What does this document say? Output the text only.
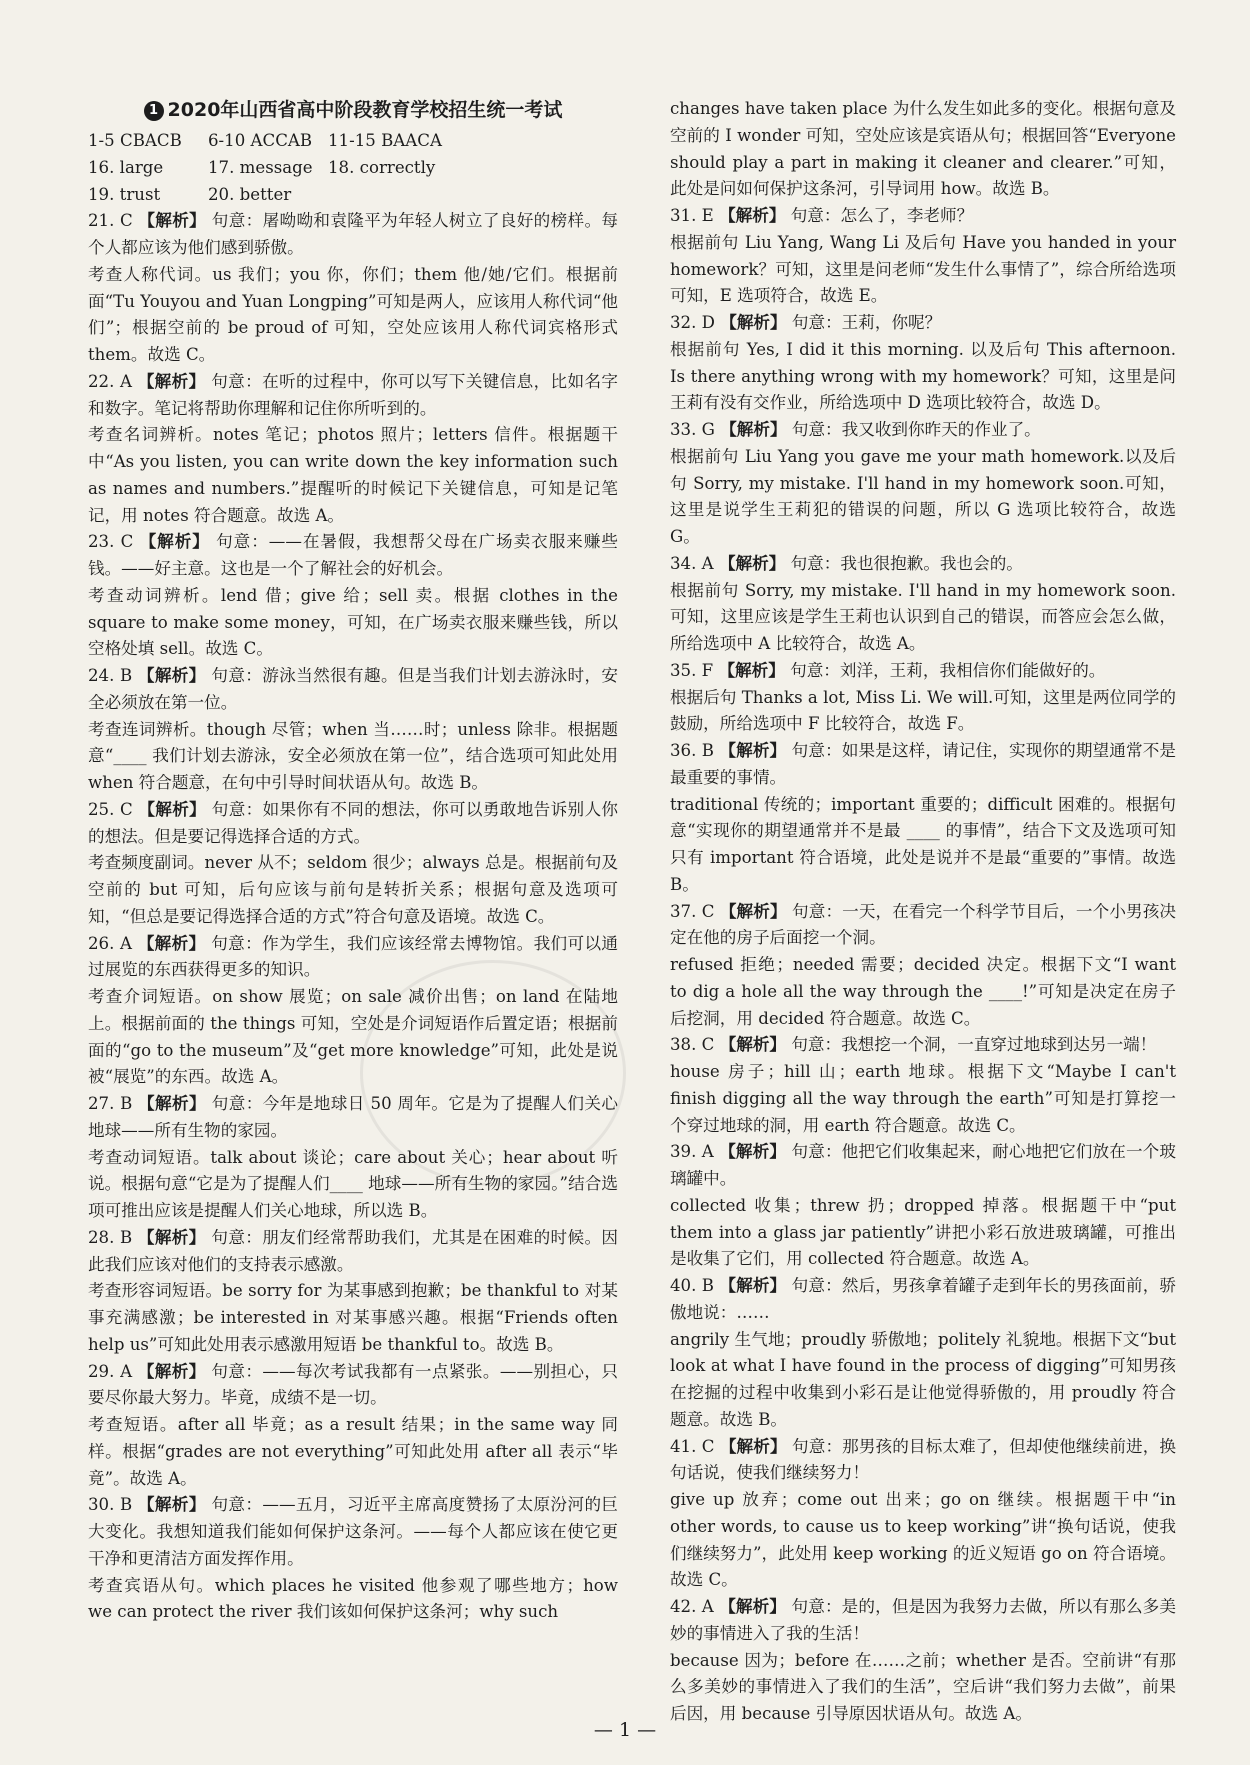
1 2020年山西省高中阶段教育学校招生统一考试
1-5 CBACB	6-10 ACCAB 11-15 BAACA
16. large	17. message 18. correctly
19. trust	20. better

21. C 【解析】 句意：屠呦呦和袁隆平为年轻人树立了良好的榜样。每个人都应该为他们感到骄傲。

考查人称代词。us 我们；you 你，你们；them 他/她/它们。根据前面“Tu Youyou and Yuan Longping”可知是两人，应该用人称代词“他们”；根据空前的 be proud of 可知，空处应该用人称代词宾格形式 them。故选 C。

22. A 【解析】 句意：在听的过程中，你可以写下关键信息，比如名字和数字。笔记将帮助你理解和记住你所听到的。

考查名词辨析。notes 笔记；photos 照片；letters 信件。根据题干中“As you listen, you can write down the key information such as names and numbers.”提醒听的时候记下关键信息，可知是记笔记，用 notes 符合题意。故选 A。

23. C 【解析】 句意：——在暑假，我想帮父母在广场卖衣服来赚些钱。——好主意。这也是一个了解社会的好机会。

考查动词辨析。lend 借；give 给；sell 卖。根据 clothes in the square to make some money，可知，在广场卖衣服来赚些钱，所以空格处填 sell。故选 C。

24. B 【解析】 句意：游泳当然很有趣。但是当我们计划去游泳时，安全必须放在第一位。

考查连词辨析。though 尽管；when 当……时；unless 除非。根据题意“____ 我们计划去游泳，安全必须放在第一位”，结合选项可知此处用 when 符合题意，在句中引导时间状语从句。故选 B。

25. C 【解析】 句意：如果你有不同的想法，你可以勇敢地告诉别人你的想法。但是要记得选择合适的方式。

考查频度副词。never 从不；seldom 很少；always 总是。根据前句及空前的 but 可知，后句应该与前句是转折关系；根据句意及选项可知，“但总是要记得选择合适的方式”符合句意及语境。故选 C。

26. A 【解析】 句意：作为学生，我们应该经常去博物馆。我们可以通过展览的东西获得更多的知识。

考查介词短语。on show 展览；on sale 减价出售；on land 在陆地上。根据前面的 the things 可知，空处是介词短语作后置定语；根据前面的“go to the museum”及“get more knowledge”可知，此处是说被“展览”的东西。故选 A。

27. B 【解析】 句意：今年是地球日 50 周年。它是为了提醒人们关心地球——所有生物的家园。

考查动词短语。talk about 谈论；care about 关心；hear about 听说。根据句意“它是为了提醒人们____ 地球——所有生物的家园。”结合选项可推出应该是提醒人们关心地球，所以选 B。

28. B 【解析】 句意：朋友们经常帮助我们，尤其是在困难的时候。因此我们应该对他们的支持表示感激。

考查形容词短语。be sorry for 为某事感到抱歉；be thankful to 对某事充满感激；be interested in 对某事感兴趣。根据“Friends often help us”可知此处用表示感激用短语 be thankful to。故选 B。

29. A 【解析】 句意：——每次考试我都有一点紧张。——别担心，只要尽你最大努力。毕竟，成绩不是一切。

考查短语。after all 毕竟；as a result 结果；in the same way 同样。根据“grades are not everything”可知此处用 after all 表示“毕竟”。故选 A。

30. B 【解析】 句意：——五月，习近平主席高度赞扬了太原汾河的巨大变化。我想知道我们能如何保护这条河。——每个人都应该在使它更干净和更清洁方面发挥作用。

考查宾语从句。which places he visited 他参观了哪些地方；how we can protect the river 我们该如何保护这条河；why such

changes have taken place 为什么发生如此多的变化。根据句意及空前的 I wonder 可知，空处应该是宾语从句；根据回答“Everyone should play a part in making it cleaner and clearer.”可知，此处是问如何保护这条河，引导词用 how。故选 B。

31. E 【解析】 句意：怎么了，李老师？

根据前句 Liu Yang, Wang Li 及后句 Have you handed in your homework？可知，这里是问老师“发生什么事情了”，综合所给选项可知，E 选项符合，故选 E。

32. D 【解析】 句意：王莉，你呢？

根据前句 Yes, I did it this morning. 以及后句 This afternoon. Is there anything wrong with my homework？可知，这里是问王莉有没有交作业，所给选项中 D 选项比较符合，故选 D。

33. G 【解析】 句意：我又收到你昨天的作业了。

根据前句 Liu Yang you gave me your math homework.以及后句 Sorry, my mistake. I'll hand in my homework soon.可知，这里是说学生王莉犯的错误的问题，所以 G 选项比较符合，故选 G。

34. A 【解析】 句意：我也很抱歉。我也会的。

根据前句 Sorry, my mistake. I'll hand in my homework soon.可知，这里应该是学生王莉也认识到自己的错误，而答应会怎么做，所给选项中 A 比较符合，故选 A。

35. F 【解析】 句意：刘洋，王莉，我相信你们能做好的。

根据后句 Thanks a lot, Miss Li. We will.可知，这里是两位同学的鼓励，所给选项中 F 比较符合，故选 F。

36. B 【解析】 句意：如果是这样，请记住，实现你的期望通常不是最重要的事情。

traditional 传统的；important 重要的；difficult 困难的。根据句意“实现你的期望通常并不是最 ____ 的事情”，结合下文及选项可知只有 important 符合语境，此处是说并不是最“重要的”事情。故选 B。

37. C 【解析】 句意：一天，在看完一个科学节目后，一个小男孩决定在他的房子后面挖一个洞。

refused 拒绝；needed 需要；decided 决定。根据下文“I want to dig a hole all the way through the ____!”可知是决定在房子后挖洞，用 decided 符合题意。故选 C。

38. C 【解析】 句意：我想挖一个洞，一直穿过地球到达另一端！

house 房子；hill 山；earth 地球。根据下文“Maybe I can't finish digging all the way through the earth”可知是打算挖一个穿过地球的洞，用 earth 符合题意。故选 C。

39. A 【解析】 句意：他把它们收集起来，耐心地把它们放在一个玻璃罐中。

collected 收集；threw 扔；dropped 掉落。根据题干中“put them into a glass jar patiently”讲把小彩石放进玻璃罐，可推出是收集了它们，用 collected 符合题意。故选 A。

40. B 【解析】 句意：然后，男孩拿着罐子走到年长的男孩面前，骄傲地说：……

angrily 生气地；proudly 骄傲地；politely 礼貌地。根据下文“but look at what I have found in the process of digging”可知男孩在挖掘的过程中收集到小彩石是让他觉得骄傲的，用 proudly 符合题意。故选 B。

41. C 【解析】 句意：那男孩的目标太难了，但却使他继续前进，换句话说，使我们继续努力！

give up 放弃；come out 出来；go on 继续。根据题干中“in other words, to cause us to keep working”讲“换句话说，使我们继续努力”，此处用 keep working 的近义短语 go on 符合语境。故选 C。

42. A 【解析】 句意：是的，但是因为我努力去做，所以有那么多美妙的事情进入了我的生活！

because 因为；before 在……之前；whether 是否。空前讲“有那么多美妙的事情进入了我们的生活”，空后讲“我们努力去做”，前果后因，用 because 引导原因状语从句。故选 A。

— 1 —
